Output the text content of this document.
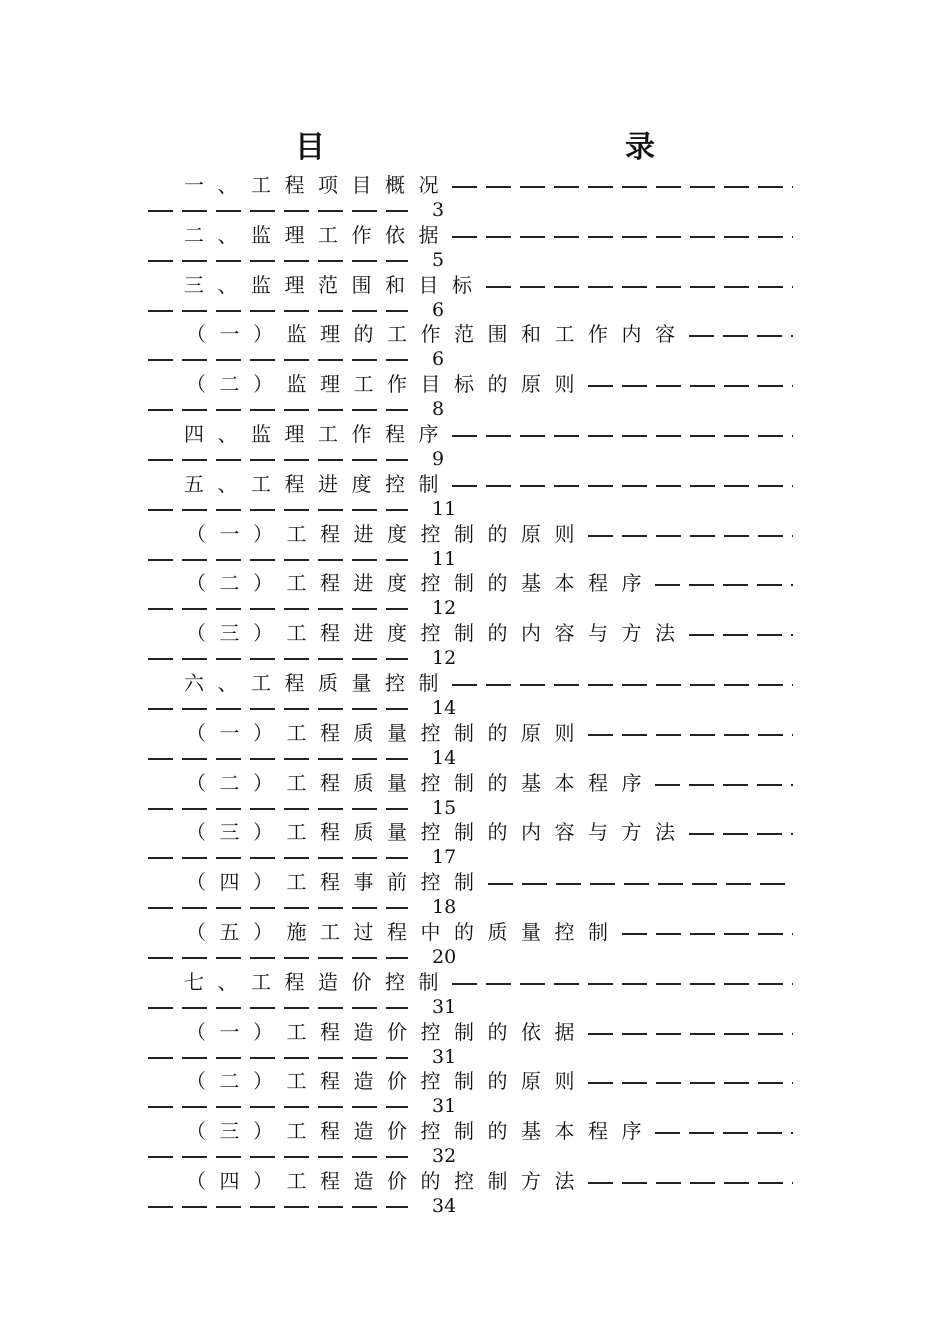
目　　录
一、工程项目概况
3
二、监理工作依据
5
三、监理范围和目标
6
（一）监理的工作范围和工作内容
6
（二）监理工作目标的原则
8
四、监理工作程序
9
五、工程进度控制
11
（一）工程进度控制的原则
11
（二）工程进度控制的基本程序
12
（三）工程进度控制的内容与方法
12
六、工程质量控制
14
（一）工程质量控制的原则
14
（二）工程质量控制的基本程序
15
（三）工程质量控制的内容与方法
17
（四）工程事前控制
18
（五）施工过程中的质量控制
20
七、工程造价控制
31
（一）工程造价控制的依据
31
（二）工程造价控制的原则
31
（三）工程造价控制的基本程序
32
（四）工程造价的控制方法
34
